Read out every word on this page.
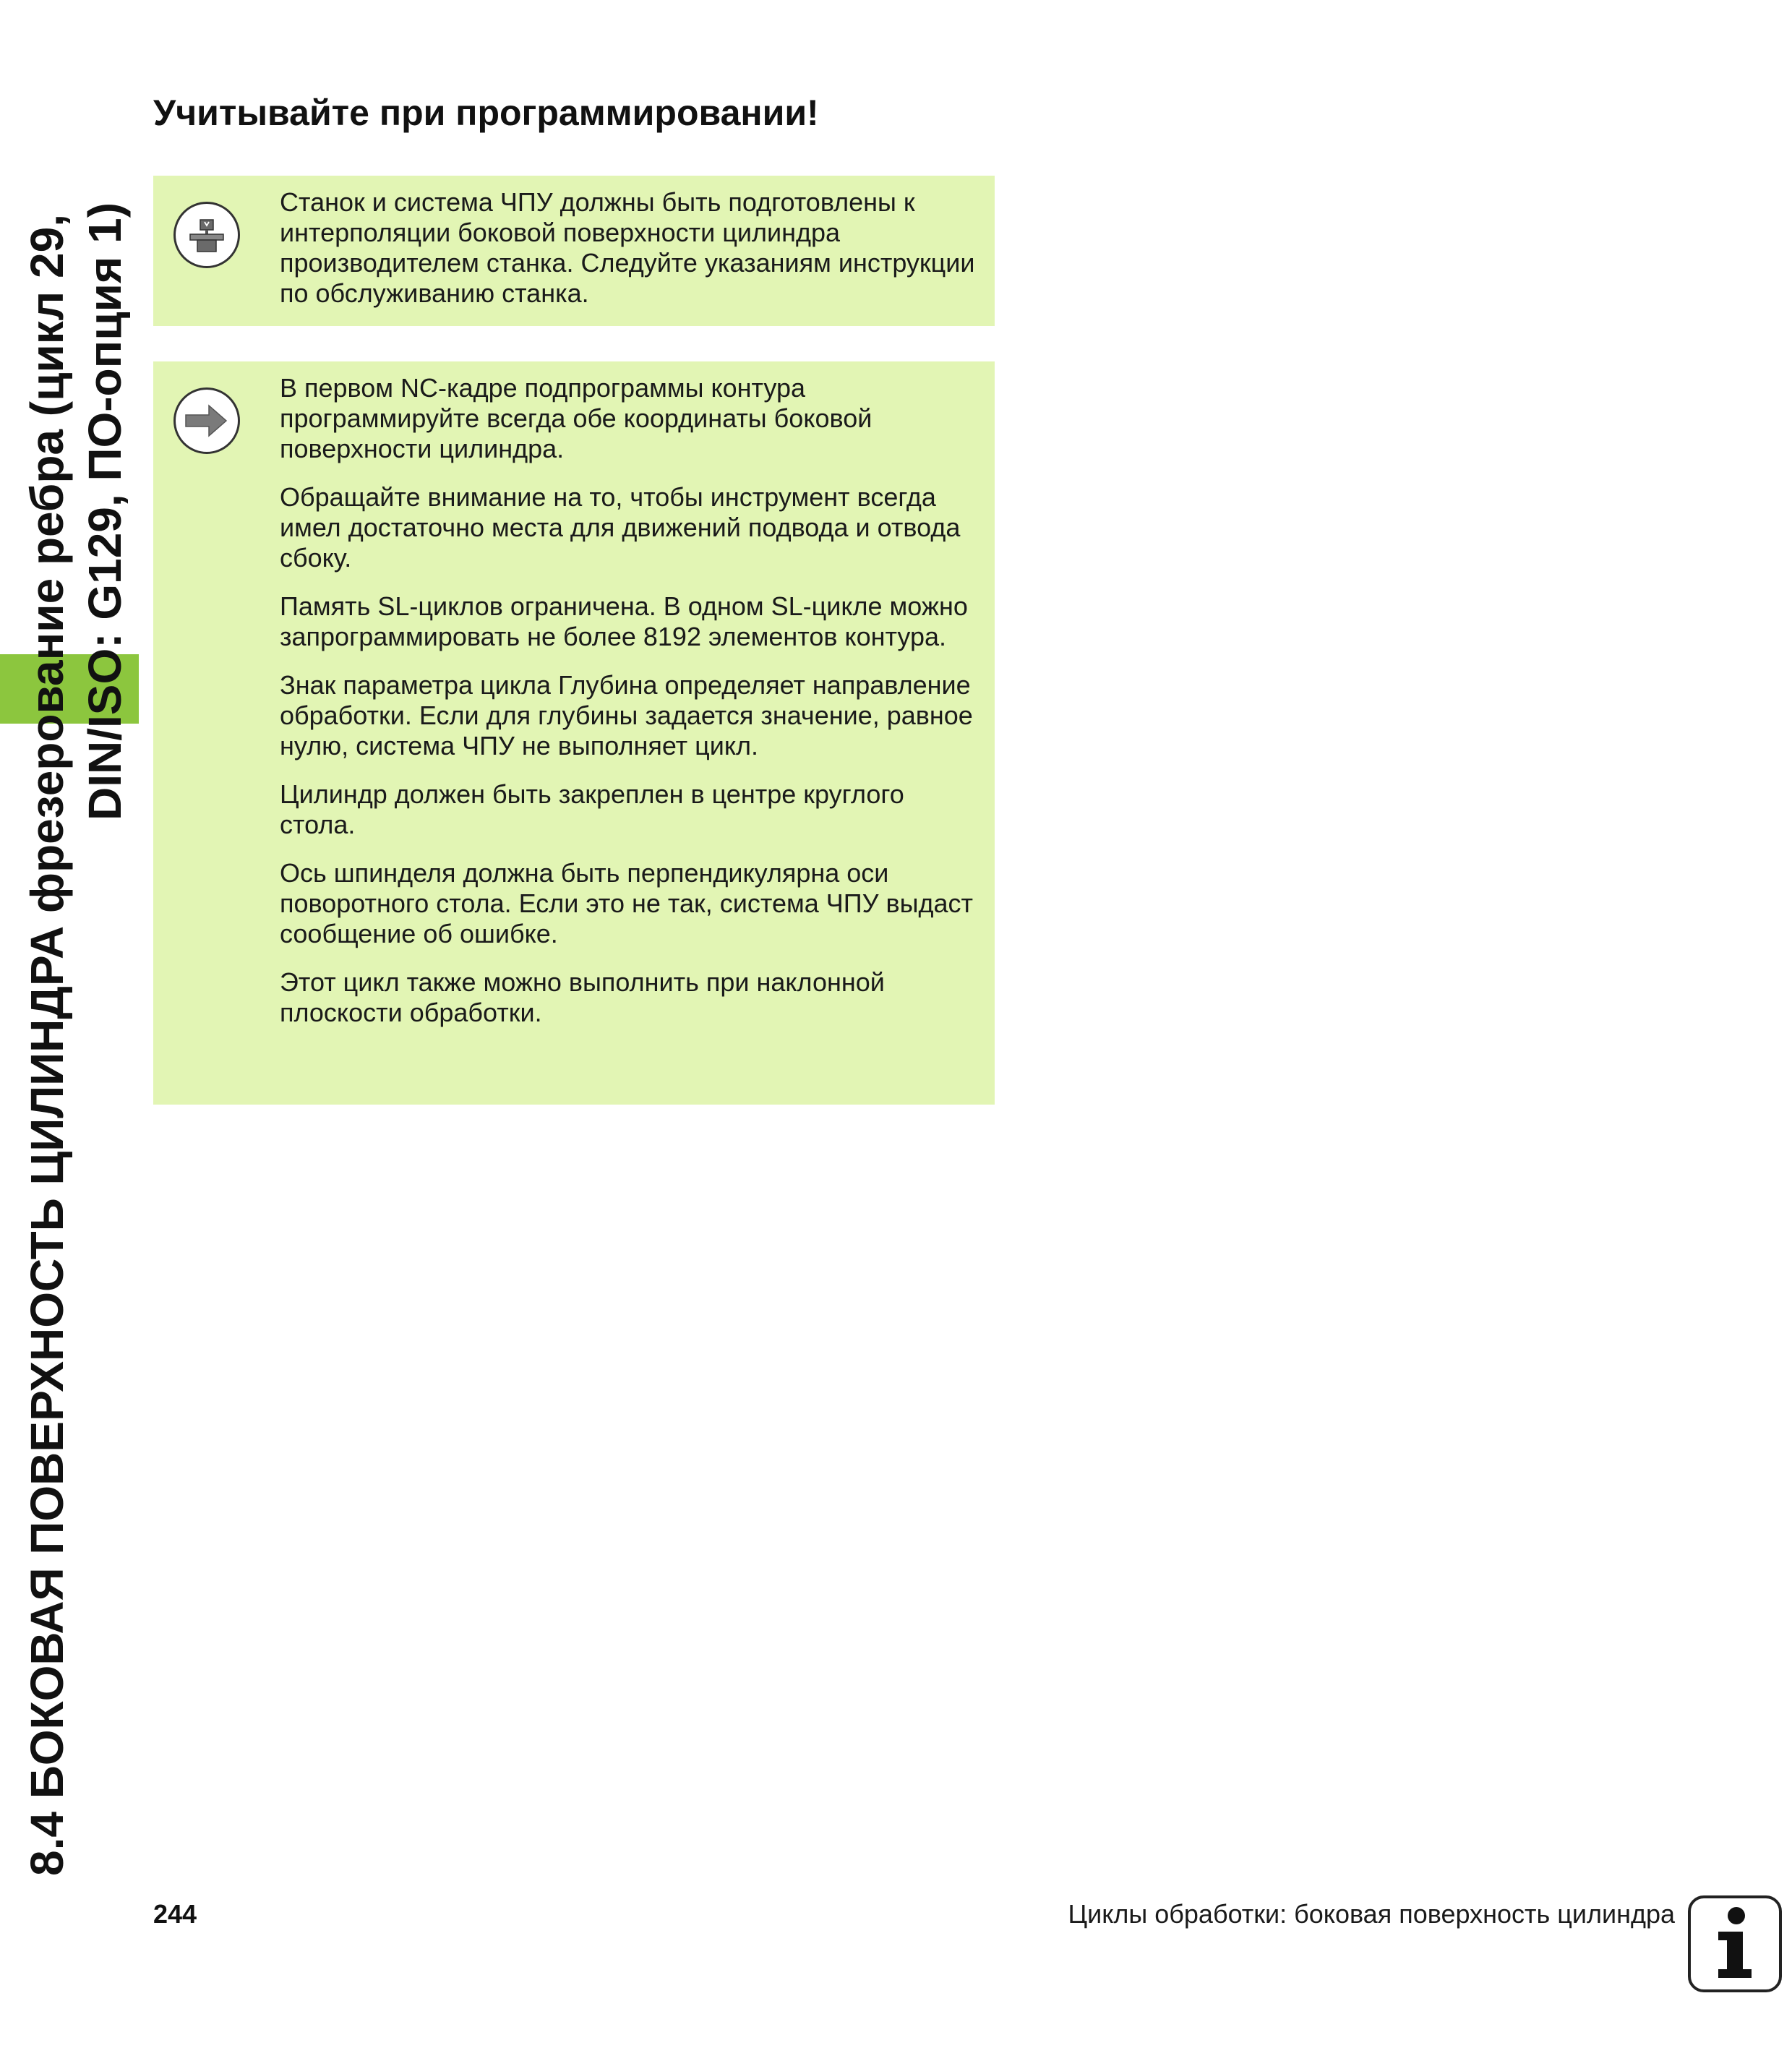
8.4 БОКОВАЯ ПОВЕРХНОСТЬ ЦИЛИНДРА фрезерование ребра (цикл 29, DIN/ISO: G129, ПО-опция 1)
Учитывайте при программировании!

Станок и система ЧПУ должны быть подготовлены к интерполяции боковой поверхности цилиндра производителем станка. Следуйте указаниям инструкции по обслуживанию станка.

В первом NC-кадре подпрограммы контура программируйте всегда обе координаты боковой поверхности цилиндра.

Обращайте внимание на то, чтобы инструмент всегда имел достаточно места для движений подвода и отвода сбоку.

Память SL-циклов ограничена. В одном SL-цикле можно запрограммировать не более 8192 элементов контура.

Знак параметра цикла Глубина определяет направление обработки. Если для глубины задается значение, равное нулю, система ЧПУ не выполняет цикл.

Цилиндр должен быть закреплен в центре круглого стола.

Ось шпинделя должна быть перпендикулярна оси поворотного стола. Если это не так, система ЧПУ выдаст сообщение об ошибке.

Этот цикл также можно выполнить при наклонной плоскости обработки.

244	Циклы обработки: боковая поверхность цилиндра
